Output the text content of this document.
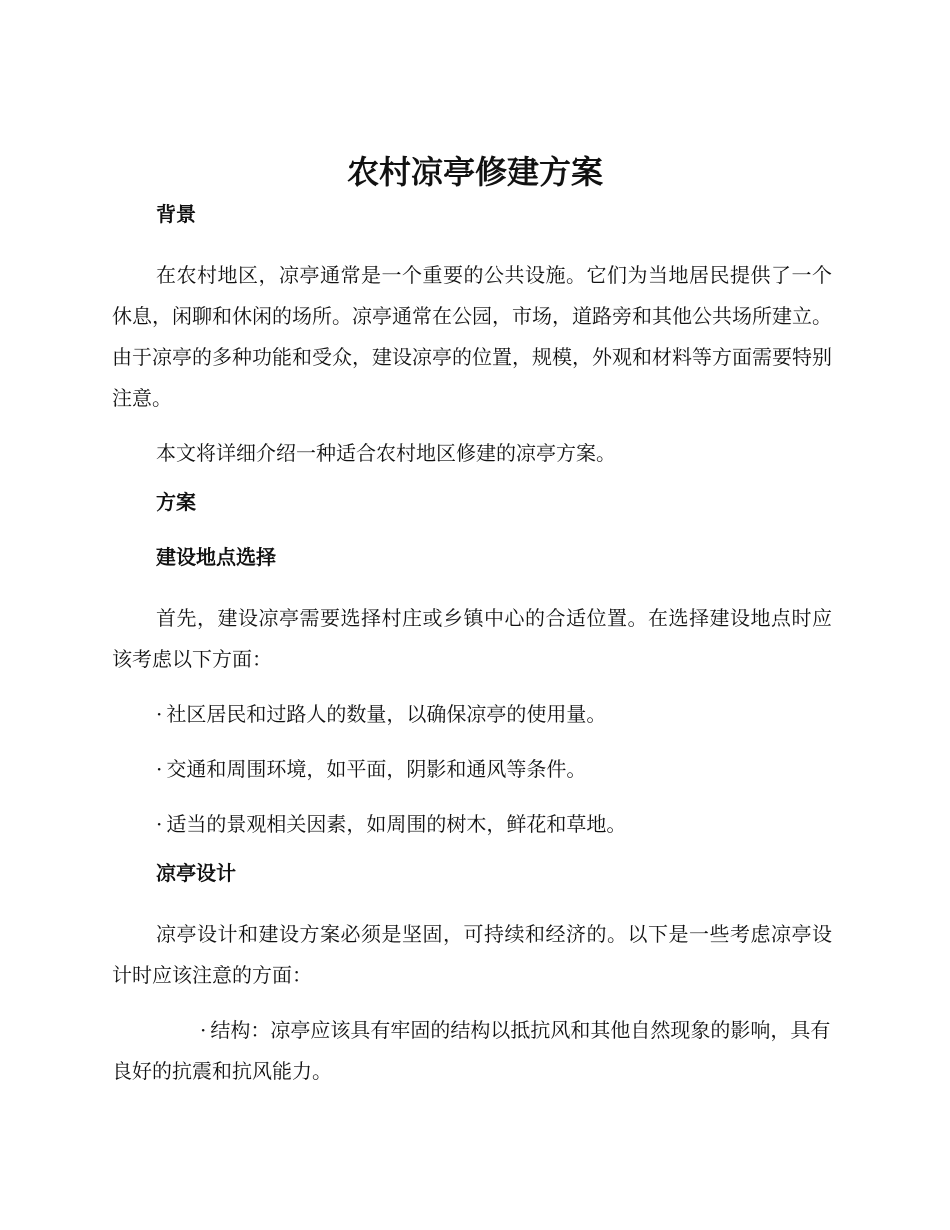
农村凉亭修建方案
背景

在农村地区，凉亭通常是一个重要的公共设施。它们为当地居民提供了一个休息，闲聊和休闲的场所。凉亭通常在公园，市场，道路旁和其他公共场所建立。由于凉亭的多种功能和受众，建设凉亭的位置，规模，外观和材料等方面需要特别注意。

本文将详细介绍一种适合农村地区修建的凉亭方案。

方案
建设地点选择

首先，建设凉亭需要选择村庄或乡镇中心的合适位置。在选择建设地点时应该考虑以下方面：

· 社区居民和过路人的数量，以确保凉亭的使用量。

· 交通和周围环境，如平面，阴影和通风等条件。

· 适当的景观相关因素，如周围的树木，鲜花和草地。

凉亭设计

凉亭设计和建设方案必须是坚固，可持续和经济的。以下是一些考虑凉亭设计时应该注意的方面：

· 结构：凉亭应该具有牢固的结构以抵抗风和其他自然现象的影响，具有良好的抗震和抗风能力。
